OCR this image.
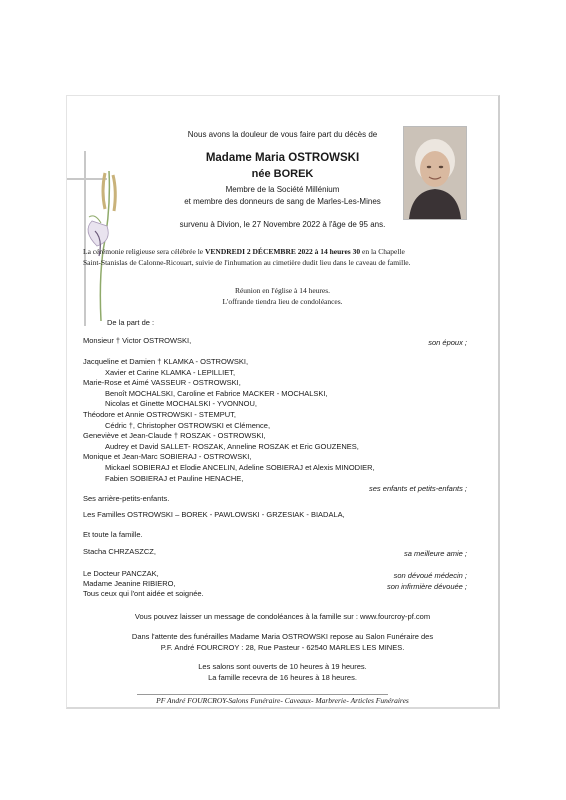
Nous avons la douleur de vous faire part du décès de
Madame Maria OSTROWSKI
née BOREK
Membre de la Société Millénium
et membre des donneurs de sang de Marles-Les-Mines
survenu à Divion, le 27 Novembre 2022 à l'âge de 95 ans.
La cérémonie religieuse sera célébrée le VENDREDI 2 DÉCEMBRE 2022 à 14 heures 30 en la Chapelle
Saint-Stanislas de Calonne-Ricouart, suivie de l'inhumation au cimetière dudit lieu dans le caveau de famille.
Réunion en l'église à 14 heures.
L'offrande tiendra lieu de condoléances.
De la part de :
Monsieur † Victor OSTROWSKI,	son époux ;
Jacqueline et Damien † KLAMKA - OSTROWSKI,
Xavier et Carine KLAMKA - LEPILLIET,
Marie-Rose et Aimé VASSEUR - OSTROWSKI,
Benoît MOCHALSKI, Caroline et Fabrice MACKER - MOCHALSKI,
Nicolas et Ginette MOCHALSKI - YVONNOU,
Théodore et Annie OSTROWSKI - STEMPUT,
Cédric †, Christopher OSTROWSKI et Clémence,
Geneviève et Jean-Claude † ROSZAK - OSTROWSKI,
Audrey et David SALLET- ROSZAK, Anneline ROSZAK et Eric GOUZENES,
Monique et Jean-Marc SOBIERAJ - OSTROWSKI,
Mickael SOBIERAJ et Elodie ANCELIN, Adeline SOBIERAJ et Alexis MINODIER,
Fabien SOBIERAJ et Pauline HENACHE,
ses enfants et petits-enfants ;
Ses arrière-petits-enfants.
Les Familles OSTROWSKI – BOREK - PAWLOWSKI - GRZESIAK - BIADALA,
Et toute la famille.
Stacha CHRZASZCZ,	sa meilleure amie ;
Le Docteur PANCZAK,	son dévoué médecin ;
Madame Jeanine RIBIERO,	son infirmière dévouée ;
Tous ceux qui l'ont aidée et soignée.
Vous pouvez laisser un message de condoléances à la famille sur : www.fourcroy-pf.com
Dans l'attente des funérailles Madame Maria OSTROWSKI repose au Salon Funéraire des
P.F. André FOURCROY : 28, Rue Pasteur - 62540 MARLES LES MINES.
Les salons sont ouverts de 10 heures à 19 heures.
La famille recevra de 16 heures à 18 heures.
PF André FOURCROY-Salons Funéraire- Caveaux- Marbrerie- Articles Funéraires
